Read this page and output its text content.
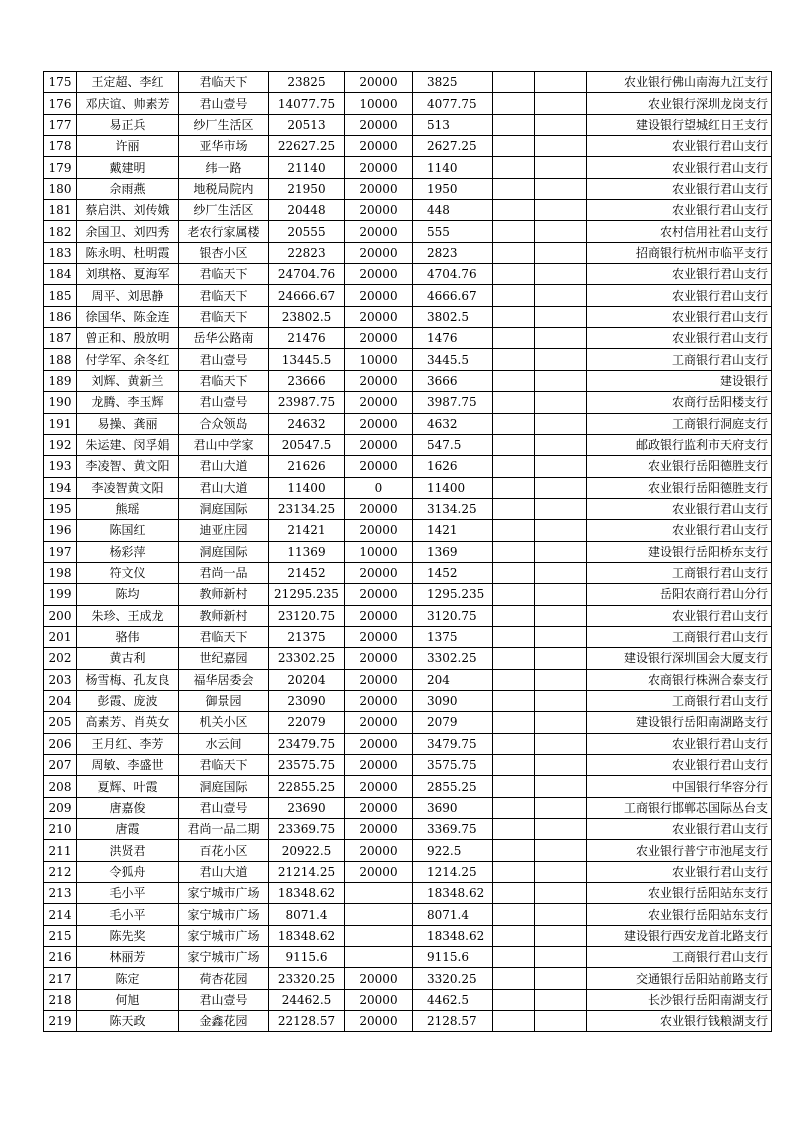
175	王定超、李红	君临天下	23825	20000	3825			农业银行佛山南海九江支行
176	邓庆谊、帅素芳	君山壹号	14077.75	10000	4077.75			农业银行深圳龙岗支行
177	易正兵	纱厂生活区	20513	20000	513			建设银行望城红日王支行
178	许丽	亚华市场	22627.25	20000	2627.25			农业银行君山支行
179	戴建明	纬一路	21140	20000	1140			农业银行君山支行
180	佘雨燕	地税局院内	21950	20000	1950			农业银行君山支行
181	蔡启洪、刘传娥	纱厂生活区	20448	20000	448			农业银行君山支行
182	余国卫、刘四秀	老农行家属楼	20555	20000	555			农村信用社君山支行
183	陈永明、杜明霞	银杏小区	22823	20000	2823			招商银行杭州市临平支行
184	刘琪格、夏海军	君临天下	24704.76	20000	4704.76			农业银行君山支行
185	周平、刘思静	君临天下	24666.67	20000	4666.67			农业银行君山支行
186	徐国华、陈金连	君临天下	23802.5	20000	3802.5			农业银行君山支行
187	曾正和、殷放明	岳华公路南	21476	20000	1476			农业银行君山支行
188	付学军、余冬红	君山壹号	13445.5	10000	3445.5			工商银行君山支行
189	刘辉、黄新兰	君临天下	23666	20000	3666			建设银行
190	龙腾、李玉辉	君山壹号	23987.75	20000	3987.75			农商行岳阳楼支行
191	易操、龚丽	合众领岛	24632	20000	4632			工商银行洞庭支行
192	朱运建、闵孚娟	君山中学家	20547.5	20000	547.5			邮政银行监利市天府支行
193	李凌智、黄文阳	君山大道	21626	20000	1626			农业银行岳阳德胜支行
194	李凌智黄文阳	君山大道	11400	0	11400			农业银行岳阳德胜支行
195	熊瑶	洞庭国际	23134.25	20000	3134.25			农业银行君山支行
196	陈国红	迪亚庄园	21421	20000	1421			农业银行君山支行
197	杨彩萍	洞庭国际	11369	10000	1369			建设银行岳阳桥东支行
198	符文仪	君尚一品	21452	20000	1452			工商银行君山支行
199	陈均	教师新村	21295.235	20000	1295.235			岳阳农商行君山分行
200	朱珍、王成龙	教师新村	23120.75	20000	3120.75			农业银行君山支行
201	骆伟	君临天下	21375	20000	1375			工商银行君山支行
202	黄古利	世纪嘉园	23302.25	20000	3302.25			建设银行深圳国会大厦支行
203	杨雪梅、孔友良	福华居委会	20204	20000	204			农商银行株洲合泰支行
204	彭霞、庞波	御景园	23090	20000	3090			工商银行君山支行
205	高素芳、肖英女	机关小区	22079	20000	2079			建设银行岳阳南湖路支行
206	王月红、李芳	水云间	23479.75	20000	3479.75			农业银行君山支行
207	周敏、李盛世	君临天下	23575.75	20000	3575.75			农业银行君山支行
208	夏辉、叶霞	洞庭国际	22855.25	20000	2855.25			中国银行华容分行
209	唐嘉俊	君山壹号	23690	20000	3690			工商银行邯郸芯国际丛台支
210	唐霞	君尚一品二期	23369.75	20000	3369.75			农业银行君山支行
211	洪贤君	百花小区	20922.5	20000	922.5			农业银行普宁市池尾支行
212	令狐舟	君山大道	21214.25	20000	1214.25			农业银行君山支行
213	毛小平	家宁城市广场	18348.62		18348.62			农业银行岳阳站东支行
214	毛小平	家宁城市广场	8071.4		8071.4			农业银行岳阳站东支行
215	陈先奖	家宁城市广场	18348.62		18348.62			建设银行西安龙首北路支行
216	林丽芳	家宁城市广场	9115.6		9115.6			工商银行君山支行
217	陈定	荷杏花园	23320.25	20000	3320.25			交通银行岳阳站前路支行
218	何旭	君山壹号	24462.5	20000	4462.5			长沙银行岳阳南湖支行
219	陈天政	金鑫花园	22128.57	20000	2128.57			农业银行钱粮湖支行
